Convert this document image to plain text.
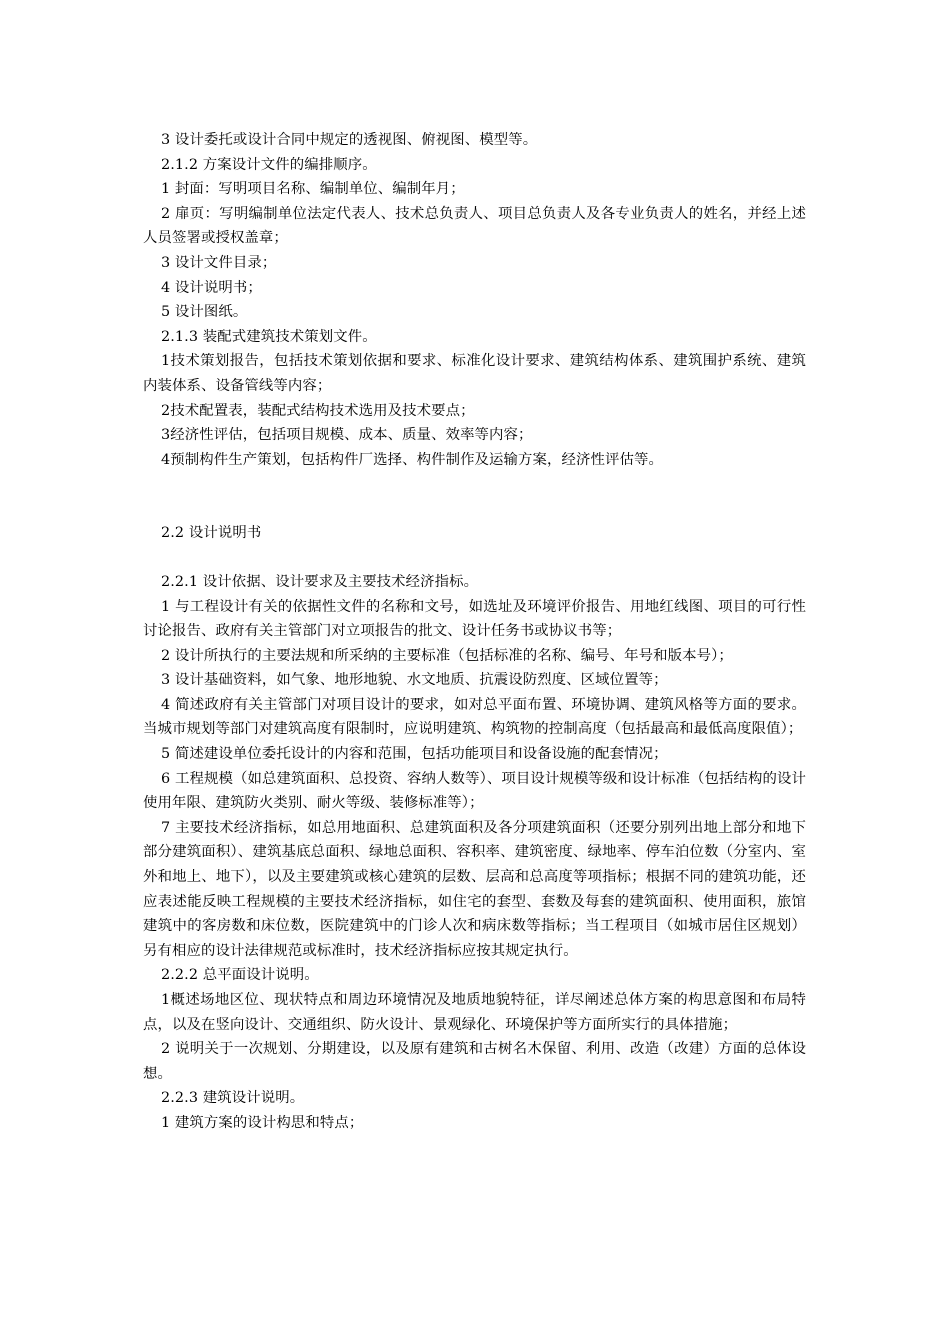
3 设计委托或设计合同中规定的透视图、俯视图、模型等。

2.1.2 方案设计文件的编排顺序。

1 封面：写明项目名称、编制单位、编制年月；

2 扉页：写明编制单位法定代表人、技术总负责人、项目总负责人及各专业负责人的姓名，并经上述人员签署或授权盖章；

3 设计文件目录；

4 设计说明书；

5 设计图纸。

2.1.3 装配式建筑技术策划文件。

1技术策划报告，包括技术策划依据和要求、标准化设计要求、建筑结构体系、建筑围护系统、建筑内装体系、设备管线等内容；

2技术配置表，装配式结构技术选用及技术要点；

3经济性评估，包括项目规模、成本、质量、效率等内容；

4预制构件生产策划，包括构件厂选择、构件制作及运输方案，经济性评估等。

2.2 设计说明书

2.2.1 设计依据、设计要求及主要技术经济指标。

1 与工程设计有关的依据性文件的名称和文号，如选址及环境评价报告、用地红线图、项目的可行性讨论报告、政府有关主管部门对立项报告的批文、设计任务书或协议书等；

2 设计所执行的主要法规和所采纳的主要标准（包括标准的名称、编号、年号和版本号）；

3 设计基础资料，如气象、地形地貌、水文地质、抗震设防烈度、区域位置等；

4 简述政府有关主管部门对项目设计的要求，如对总平面布置、环境协调、建筑风格等方面的要求。当城市规划等部门对建筑高度有限制时，应说明建筑、构筑物的控制高度（包括最高和最低高度限值）；

5 简述建设单位委托设计的内容和范围，包括功能项目和设备设施的配套情况；

6 工程规模（如总建筑面积、总投资、容纳人数等）、项目设计规模等级和设计标准（包括结构的设计使用年限、建筑防火类别、耐火等级、装修标准等）；

7 主要技术经济指标，如总用地面积、总建筑面积及各分项建筑面积（还要分别列出地上部分和地下部分建筑面积）、建筑基底总面积、绿地总面积、容积率、建筑密度、绿地率、停车泊位数（分室内、室外和地上、地下），以及主要建筑或核心建筑的层数、层高和总高度等项指标；根据不同的建筑功能，还应表述能反映工程规模的主要技术经济指标，如住宅的套型、套数及每套的建筑面积、使用面积，旅馆建筑中的客房数和床位数，医院建筑中的门诊人次和病床数等指标；当工程项目（如城市居住区规划）另有相应的设计法律规范或标准时，技术经济指标应按其规定执行。

2.2.2 总平面设计说明。

1概述场地区位、现状特点和周边环境情况及地质地貌特征，详尽阐述总体方案的构思意图和布局特点，以及在竖向设计、交通组织、防火设计、景观绿化、环境保护等方面所实行的具体措施；

2 说明关于一次规划、分期建设，以及原有建筑和古树名木保留、利用、改造（改建）方面的总体设想。

2.2.3 建筑设计说明。

1 建筑方案的设计构思和特点；
